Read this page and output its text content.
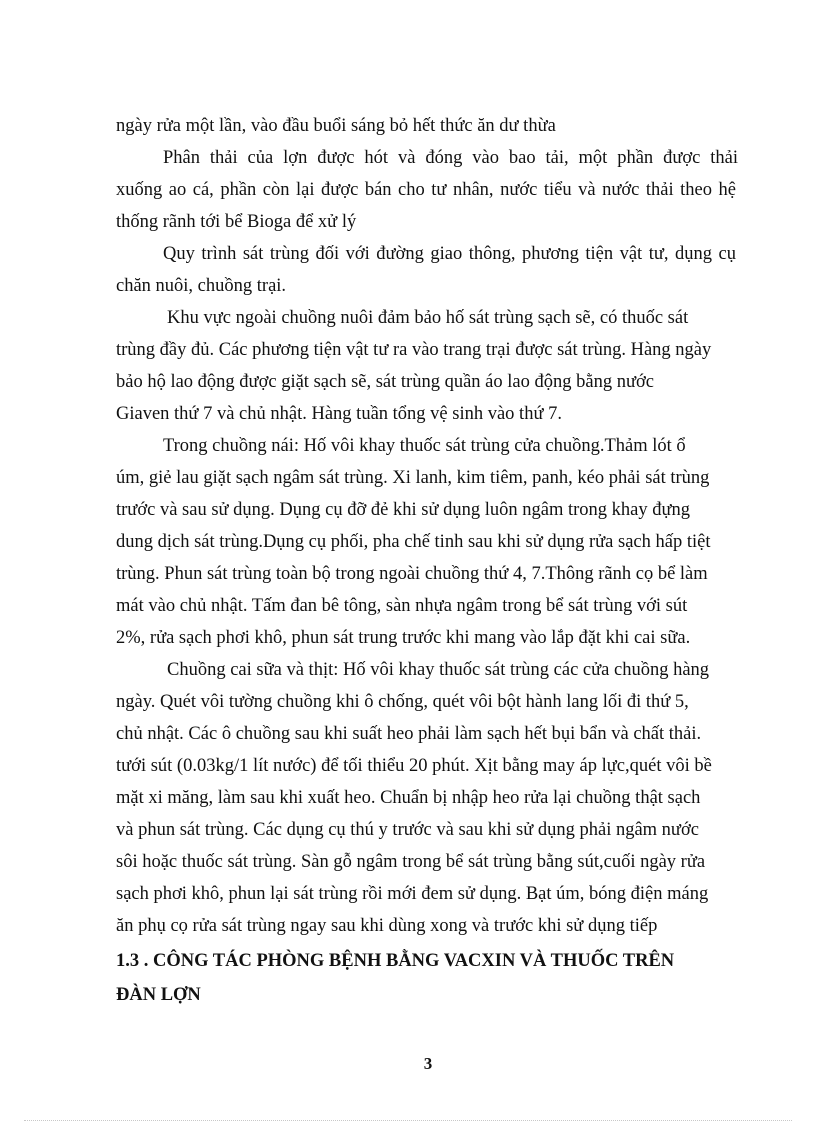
ngày rửa một lần, vào đầu buổi sáng bỏ hết thức ăn dư thừa
Phân thải của lợn được hót và đóng vào bao tải, một phần được thải
xuống ao cá, phần còn lại được bán cho tư nhân, nước tiểu và nước thải theo hệ
thống rãnh tới bể Bioga để xử lý
Quy trình sát trùng đối với đường giao thông, phương tiện vật tư, dụng cụ
chăn nuôi, chuồng trại.
Khu vực ngoài chuồng nuôi đảm bảo hố sát trùng sạch sẽ, có thuốc sát
trùng đầy đủ. Các phương tiện vật tư ra vào trang trại được sát trùng. Hàng ngày
bảo hộ lao động được giặt sạch sẽ, sát trùng quần áo lao động bằng nước
Giaven thứ 7 và chủ nhật. Hàng tuần tổng vệ sinh vào thứ 7.
Trong chuồng nái: Hố vôi khay thuốc sát trùng cửa chuồng.Thảm lót ổ
úm, giẻ lau giặt sạch ngâm sát trùng. Xi lanh, kim tiêm, panh, kéo phải sát trùng
trước và sau sử dụng. Dụng cụ đỡ đẻ khi sử dụng luôn ngâm trong khay đựng
dung dịch sát trùng.Dụng cụ phối, pha chế tinh sau khi sử dụng rửa sạch hấp tiệt
trùng. Phun sát trùng toàn bộ trong ngoài chuồng thứ 4, 7.Thông rãnh cọ bể làm
mát vào chủ nhật. Tấm đan bê tông, sàn nhựa ngâm trong bể sát trùng với sút
2%, rửa sạch phơi khô, phun sát trung trước khi mang vào lắp đặt khi cai sữa.
Chuồng cai sữa và thịt: Hố vôi khay thuốc sát trùng các cửa chuồng hàng
ngày. Quét vôi tường chuồng khi ô chống, quét vôi bột hành lang lối đi thứ 5,
chủ nhật. Các ô chuồng sau khi suất heo phải làm sạch hết bụi bẩn và chất thải.
tưới sút (0.03kg/1 lít nước) để tối thiểu 20 phút. Xịt bằng may áp lực,quét vôi bề
mặt xi măng, làm sau khi xuất heo. Chuẩn bị nhập heo rửa lại chuồng thật sạch
và phun sát trùng. Các dụng cụ thú y trước và sau khi sử dụng phải ngâm nước
sôi hoặc thuốc sát trùng. Sàn gỗ ngâm trong bể sát trùng bằng sút,cuối ngày rửa
sạch phơi khô, phun lại sát trùng rồi mới đem sử dụng. Bạt úm, bóng điện máng
ăn phụ cọ rửa sát trùng ngay sau khi dùng xong và trước khi sử dụng tiếp
1.3 . CÔNG TÁC PHÒNG BỆNH BẰNG VACXIN VÀ THUỐC TRÊN
ĐÀN LỢN
3
